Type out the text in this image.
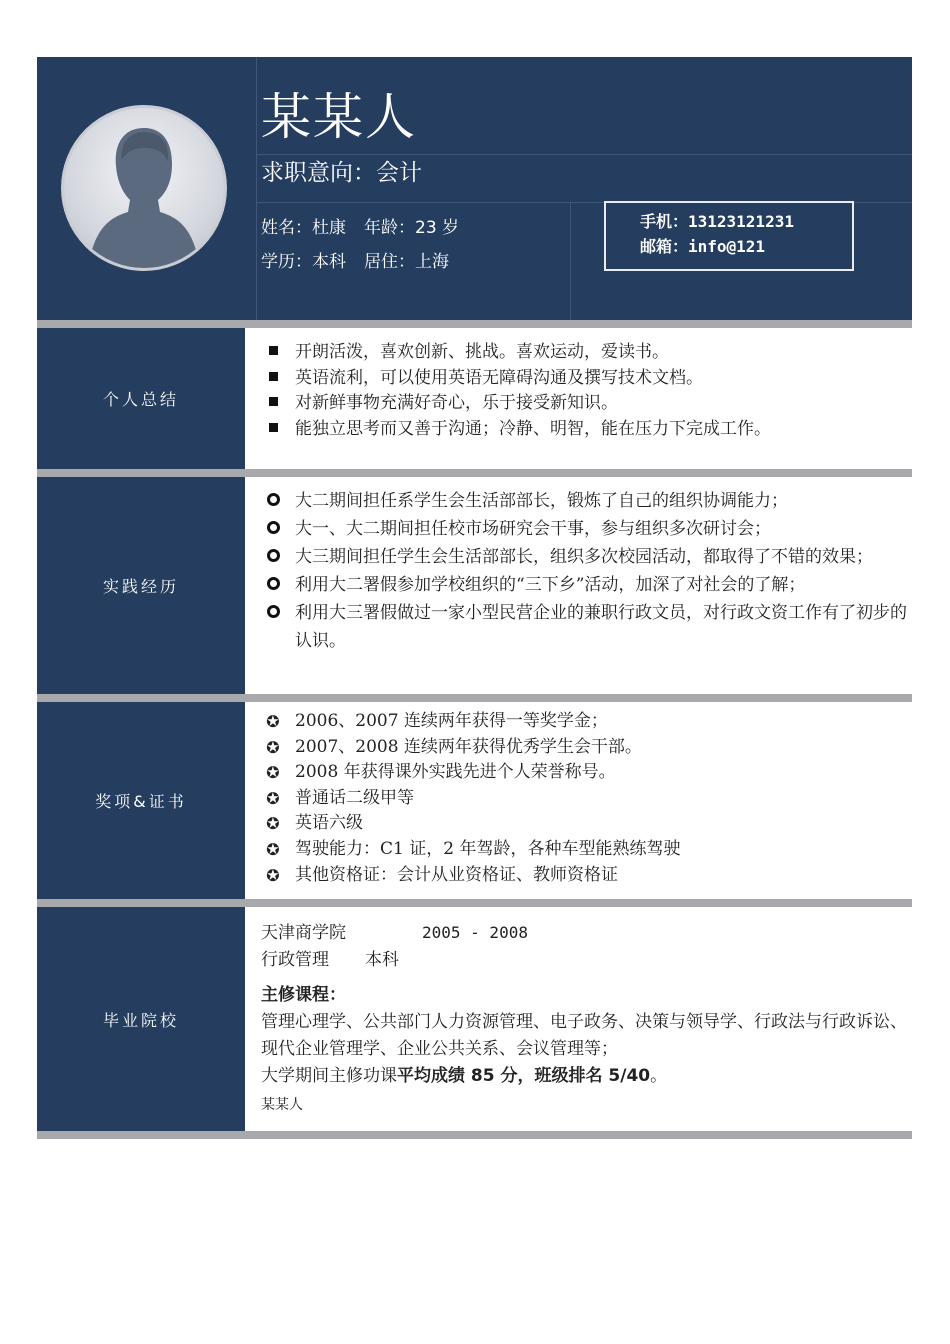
某某人
求职意向：会计
姓名：杜康 年龄：23 岁
学历：本科 居住：上海
手机：13123121231
邮箱：info@121
个人总结
开朗活泼，喜欢创新、挑战。喜欢运动，爱读书。
英语流利，可以使用英语无障碍沟通及撰写技术文档。
对新鲜事物充满好奇心，乐于接受新知识。
能独立思考而又善于沟通；冷静、明智，能在压力下完成工作。
实践经历
大二期间担任系学生会生活部部长，锻炼了自己的组织协调能力；
大一、大二期间担任校市场研究会干事，参与组织多次研讨会；
大三期间担任学生会生活部部长，组织多次校园活动，都取得了不错的效果；
利用大二署假参加学校组织的“三下乡”活动，加深了对社会的了解；
利用大三署假做过一家小型民营企业的兼职行政文员，对行政文资工作有了初步的认识。
奖项&证书
✪ 2006、2007 连续两年获得一等奖学金；
✪ 2007、2008 连续两年获得优秀学生会干部。
✪ 2008 年获得课外实践先进个人荣誉称号。
✪ 普通话二级甲等
✪ 英语六级
✪ 驾驶能力：C1 证，2 年驾龄，各种车型能熟练驾驶
✪ 其他资格证：会计从业资格证、教师资格证
毕业院校
天津商学院	2005 - 2008
行政管理 本科
主修课程：
管理心理学、公共部门人力资源管理、电子政务、决策与领导学、行政法与行政诉讼、现代企业管理学、企业公共关系、会议管理等；
大学期间主修功课平均成绩 85 分，班级排名 5/40。
某某人
